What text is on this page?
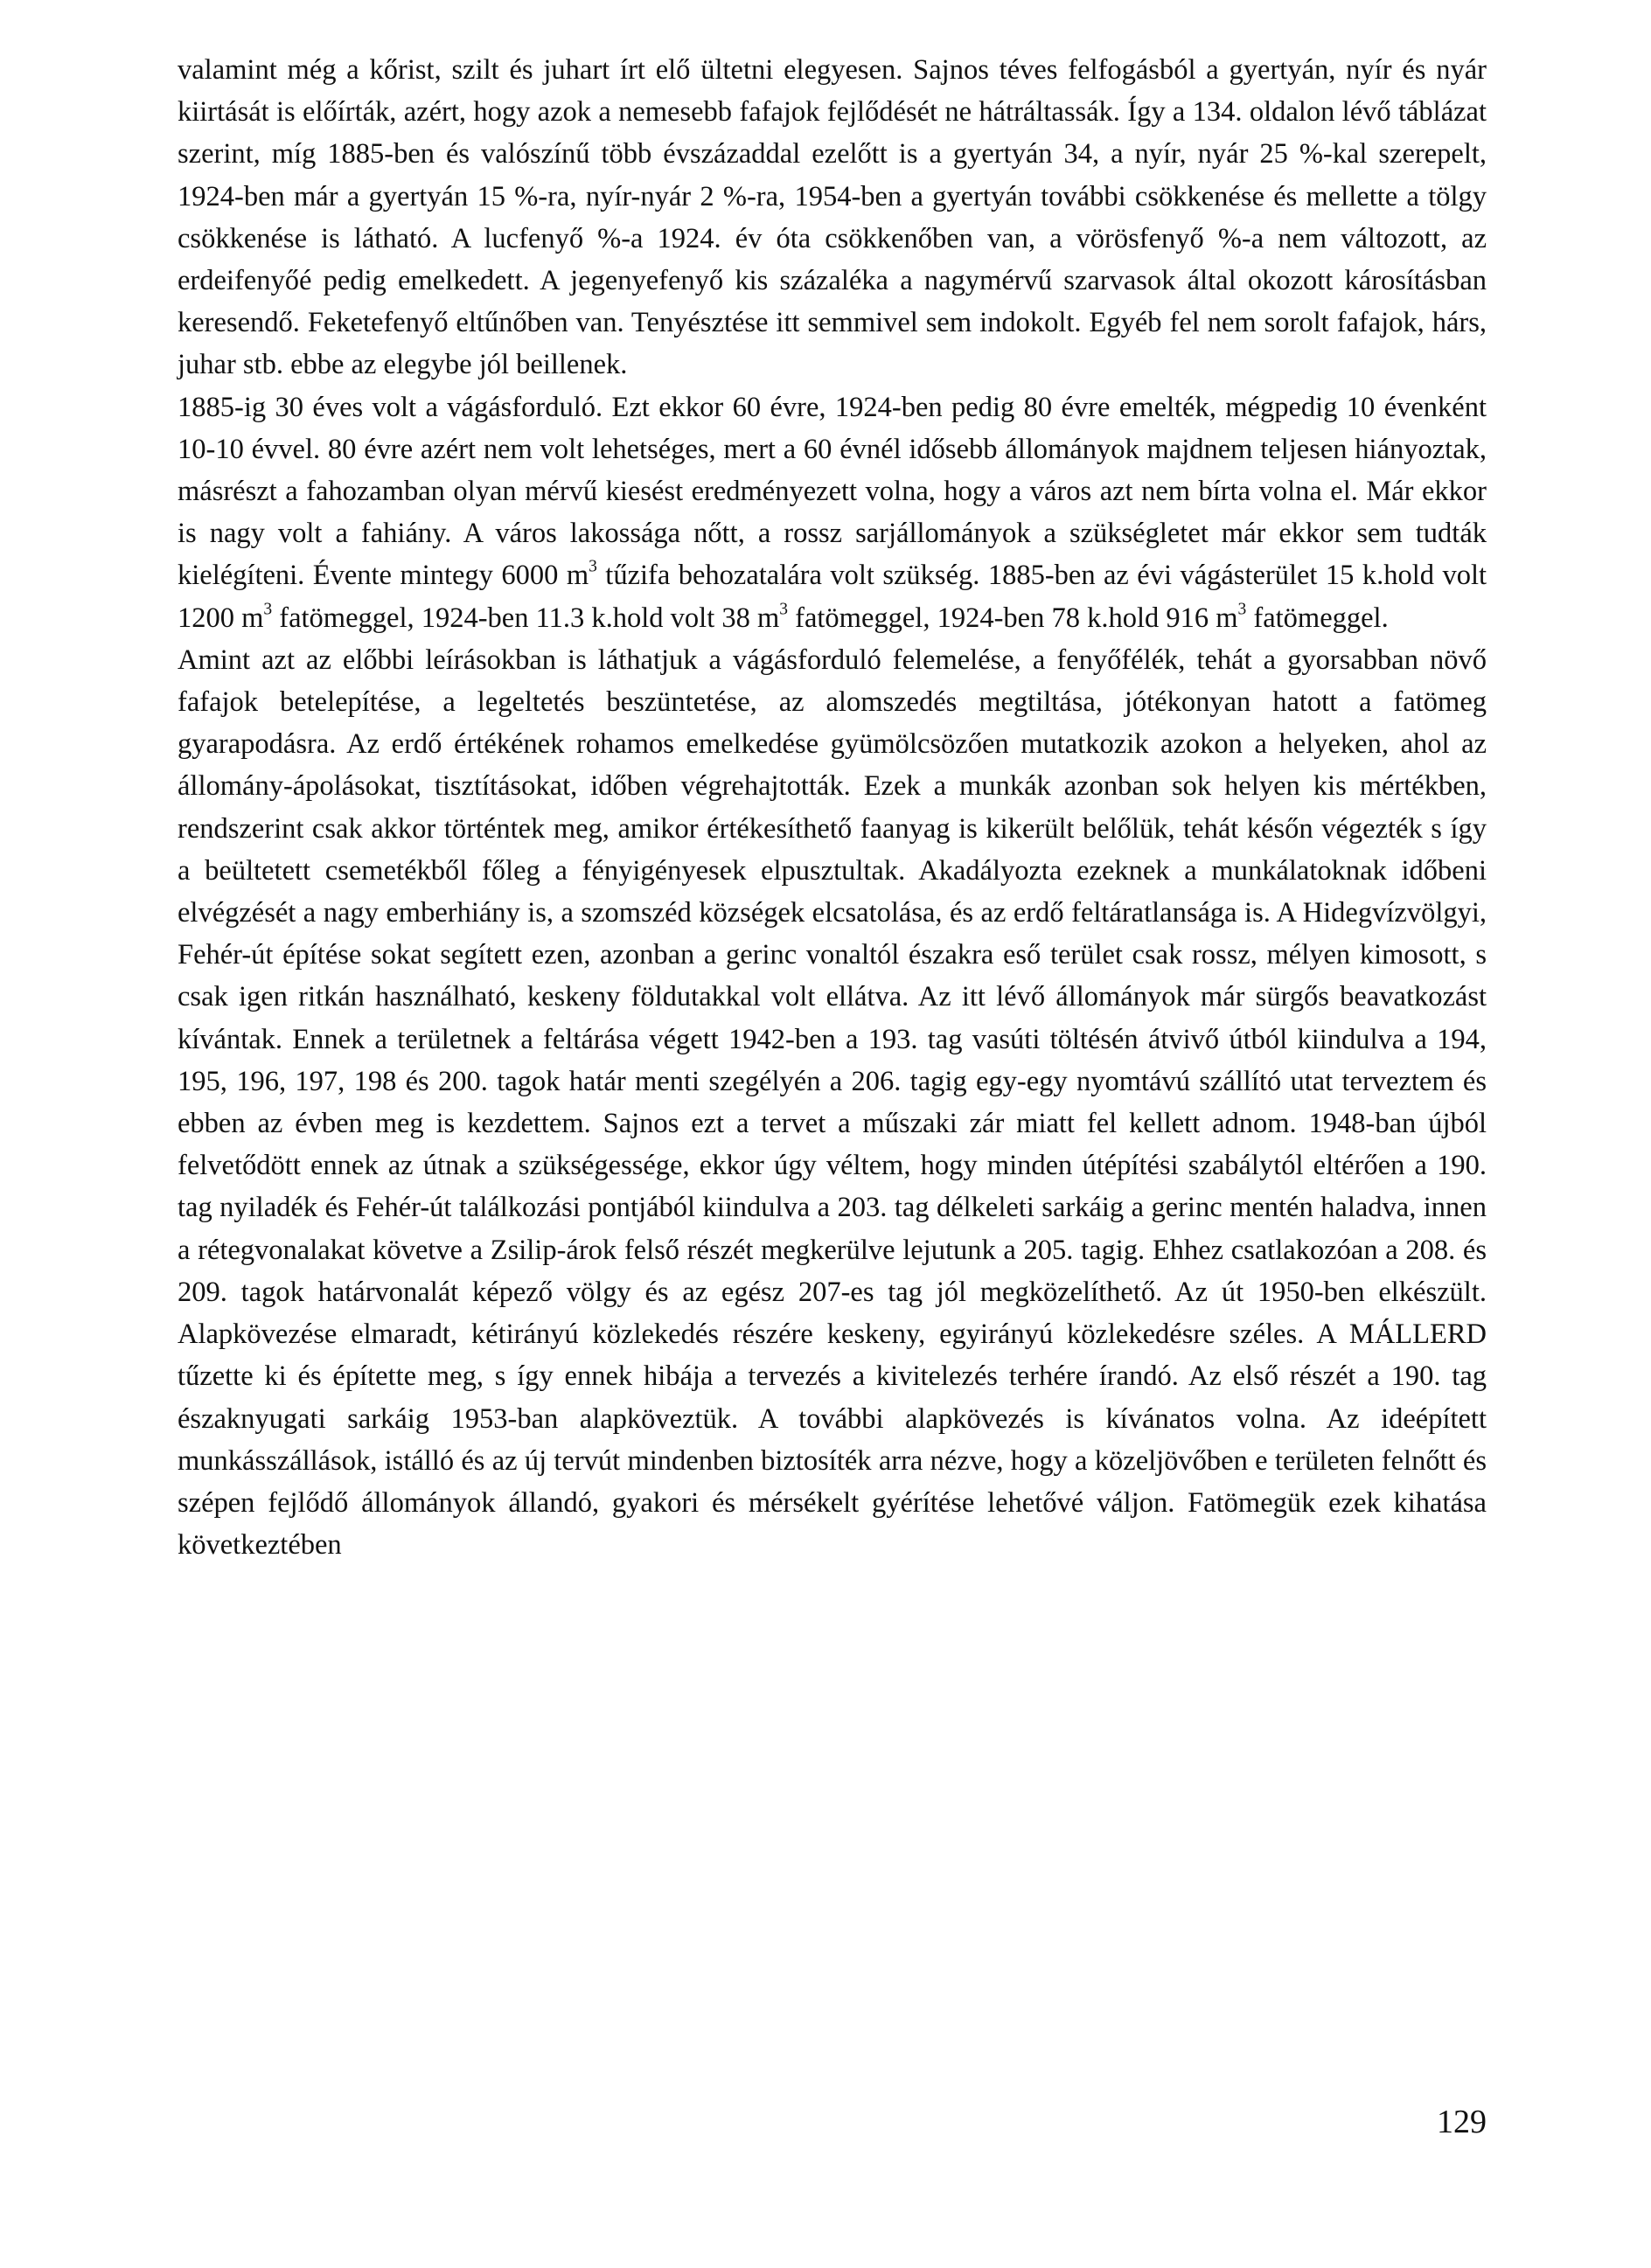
valamint még a kőrist, szilt és juhart írt elő ültetni elegyesen. Sajnos téves felfogásból a gyertyán, nyír és nyár kiirtását is előírták, azért, hogy azok a nemesebb fafajok fejlődését ne hátráltassák. Így a 134. oldalon lévő táblázat szerint, míg 1885-ben és valószínű több évszázaddal ezelőtt is a gyertyán 34, a nyír, nyár 25 %-kal szerepelt, 1924-ben már a gyertyán 15 %-ra, nyír-nyár 2 %-ra, 1954-ben a gyertyán további csökkenése és mellette a tölgy csökkenése is látható. A lucfenyő %-a 1924. év óta csökkenőben van, a vörösfenyő %-a nem változott, az erdeifenyőé pedig emelkedett. A jegenyefenyő kis százaléka a nagymérvű szarvasok által okozott károsításban keresendő. Feketefenyő eltűnőben van. Tenyésztése itt semmivel sem indokolt. Egyéb fel nem sorolt fafajok, hárs, juhar stb. ebbe az elegybe jól beillenek.

1885-ig 30 éves volt a vágásforduló. Ezt ekkor 60 évre, 1924-ben pedig 80 évre emelték, mégpedig 10 évenként 10-10 évvel. 80 évre azért nem volt lehetséges, mert a 60 évnél idősebb állományok majdnem teljesen hiányoztak, másrészt a fahozamban olyan mérvű kiesést eredményezett volna, hogy a város azt nem bírta volna el. Már ekkor is nagy volt a fahiány. A város lakossága nőtt, a rossz sarjállományok a szükségletet már ekkor sem tudták kielégíteni. Évente mintegy 6000 $m^3$ tűzifa behozatalára volt szükség. 1885-ben az évi vágásterület 15 k.hold volt 1200 $m^3$ fatömeggel, 1924-ben 11.3 k.hold volt 38 $m^3$ fatömeggel, 1924-ben 78 k.hold 916 $m^3$ fatömeggel.

Amint azt az előbbi leírásokban is láthatjuk a vágásforduló felemelése, a fenyőfélék, tehát a gyorsabban növő fafajok betelepítése, a legeltetés beszüntetése, az alomszedés megtiltása, jótékonyan hatott a fatömeg gyarapodásra. Az erdő értékének rohamos emelkedése gyümölcsözően mutatkozik azokon a helyeken, ahol az állomány-ápolásokat, tisztításokat, időben végrehajtották. Ezek a munkák azonban sok helyen kis mértékben, rendszerint csak akkor történtek meg, amikor értékesíthető faanyag is kikerült belőlük, tehát későn végezték s így a beültetett csemetékből főleg a fényigényesek elpusztultak. Akadályozta ezeknek a munkálatoknak időbeni elvégzését a nagy emberhiány is, a szomszéd községek elcsatolása, és az erdő feltáratlansága is. A Hidegvízvölgyi, Fehér-út építése sokat segített ezen, azonban a gerinc vonaltól északra eső terület csak rossz, mélyen kimosott, s csak igen ritkán használható, keskeny földutakkal volt ellátva. Az itt lévő állományok már sürgős beavatkozást kívántak. Ennek a területnek a feltárása végett 1942-ben a 193. tag vasúti töltésén átvivő útból kiindulva a 194, 195, 196, 197, 198 és 200. tagok határ menti szegélyén a 206. tagig egy-egy nyomtávú szállító utat terveztem és ebben az évben meg is kezdettem. Sajnos ezt a tervet a műszaki zár miatt fel kellett adnom. 1948-ban újból felvetődött ennek az útnak a szükségessége, ekkor úgy véltem, hogy minden útépítési szabálytól eltérően a 190. tag nyiladék és Fehér-út találkozási pontjából kiindulva a 203. tag délkeleti sarkáig a gerinc mentén haladva, innen a rétegvonalakat követve a Zsilip-árok felső részét megkerülve lejutunk a 205. tagig. Ehhez csatlakozóan a 208. és 209. tagok határvonalát képező völgy és az egész 207-es tag jól megközelíthető. Az út 1950-ben elkészült. Alapkövezése elmaradt, kétirányú közlekedés részére keskeny, egyirányú közlekedésre széles. A MÁLLERD tűzette ki és építette meg, s így ennek hibája a tervezés a kivitelezés terhére írandó. Az első részét a 190. tag északnyugati sarkáig 1953-ban alapköveztük. A további alapkövezés is kívánatos volna. Az ideépített munkásszállások, istálló és az új tervút mindenben biztosíték arra nézve, hogy a közeljövőben e területen felnőtt és szépen fejlődő állományok állandó, gyakori és mérsékelt gyérítése lehetővé váljon. Fatömegük ezek kihatása következtében

129
